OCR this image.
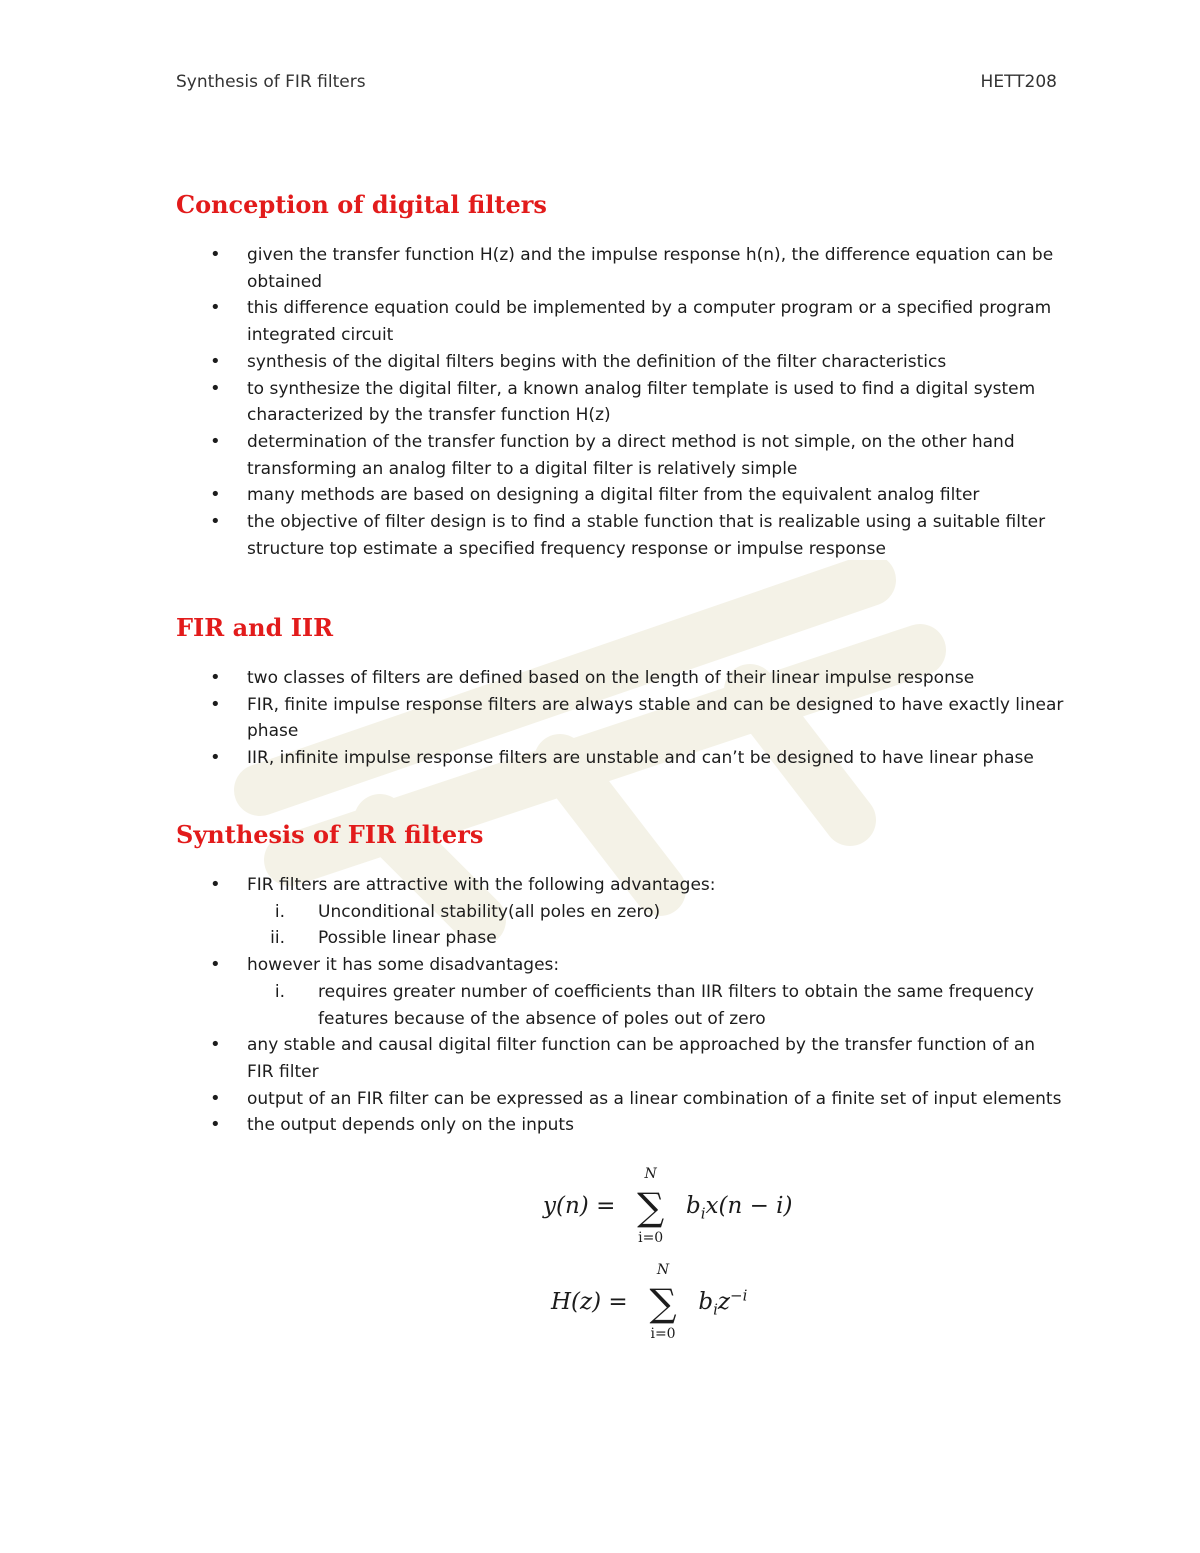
Synthesis of FIR filters	HETT208
Conception of digital filters
• given the transfer function H(z) and the impulse response h(n), the difference equation can be obtained
• this difference equation could be implemented by a computer program or a specified program integrated circuit
• synthesis of the digital filters begins with the definition of the filter characteristics
• to synthesize the digital filter, a known analog filter template is used to find a digital system characterized by the transfer function H(z)
• determination of the transfer function by a direct method is not simple, on the other hand transforming an analog filter to a digital filter is relatively simple
• many methods are based on designing a digital filter from the equivalent analog filter
• the objective of filter design is to find a stable function that is realizable using a suitable filter structure top estimate a specified frequency response or impulse response
FIR and IIR
• two classes of filters are defined based on the length of their linear impulse response
• FIR, finite impulse response filters are always stable and can be designed to have exactly linear phase
• IIR, infinite impulse response filters are unstable and can’t be designed to have linear phase
Synthesis of FIR filters
• FIR filters are attractive with the following advantages:
i. Unconditional stability(all poles en zero)
ii. Possible linear phase
• however it has some disadvantages:
i. requires greater number of coefficients than IIR filters to obtain the same frequency features because of the absence of poles out of zero
• any stable and causal digital filter function can be approached by the transfer function of an FIR filter
• output of an FIR filter can be expressed as a linear combination of a finite set of input elements
• the output depends only on the inputs
y(n) =
N
∑
i=0
$b_ix(n - i)$
H(z) =
N
∑
i=0
$b_iz^{-i}$
